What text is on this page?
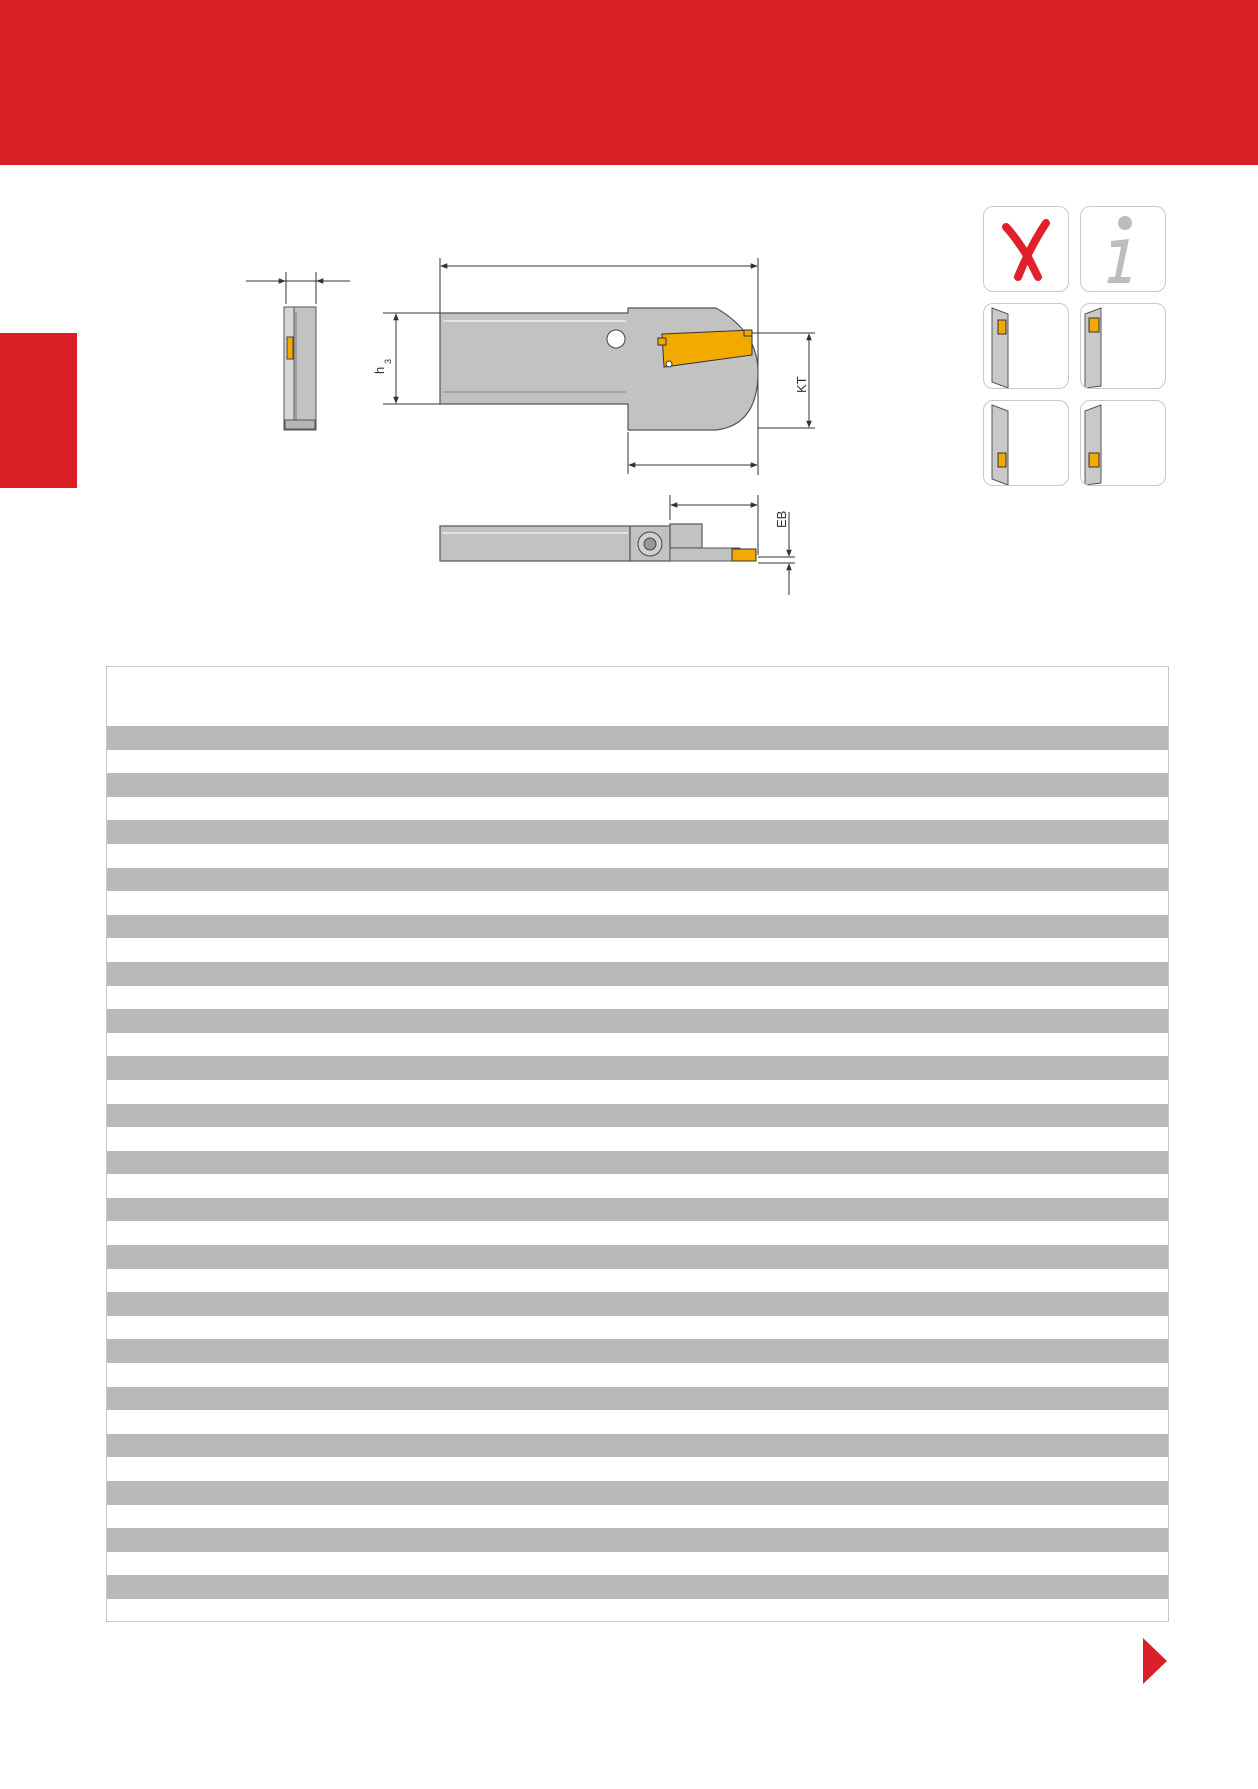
h
3
KT
EB
